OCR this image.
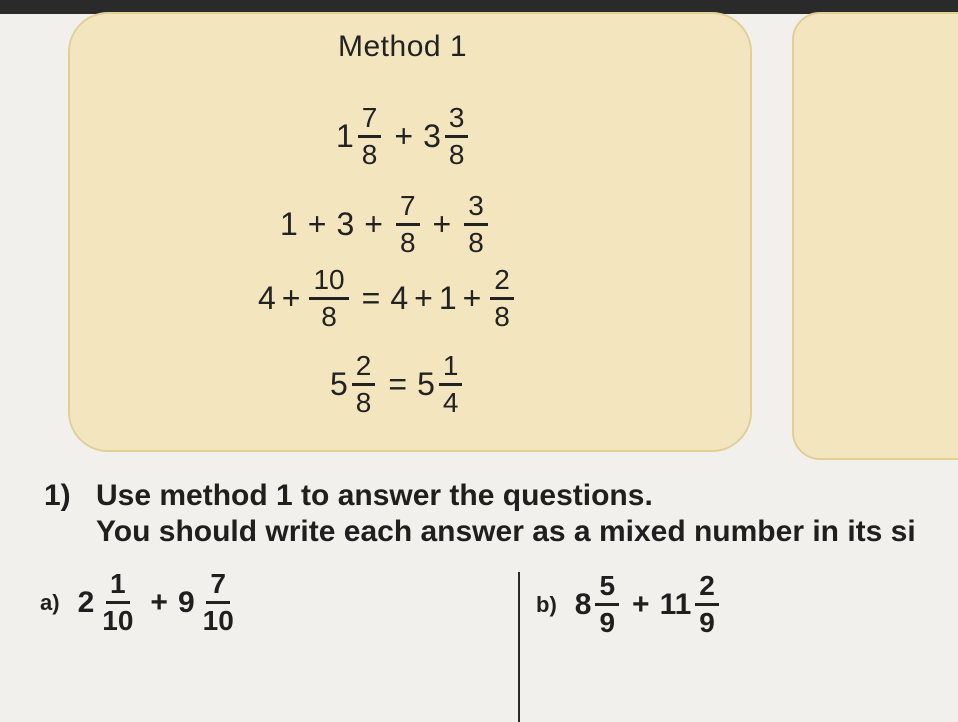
Method 1
$1 \frac{7}{8} + 3 \frac{3}{8}$
$1 + 3 + \frac{7}{8} + \frac{3}{8}$
$4 + \frac{10}{8} = 4 + 1 + \frac{2}{8}$
$5 \frac{2}{8} = 5 \frac{1}{4}$
1) Use method 1 to answer the questions.
You should write each answer as a mixed number in its si
a) $2 \frac{1}{10} + 9 \frac{7}{10}$	b) $8 \frac{5}{9} + 11 \frac{2}{9}$
